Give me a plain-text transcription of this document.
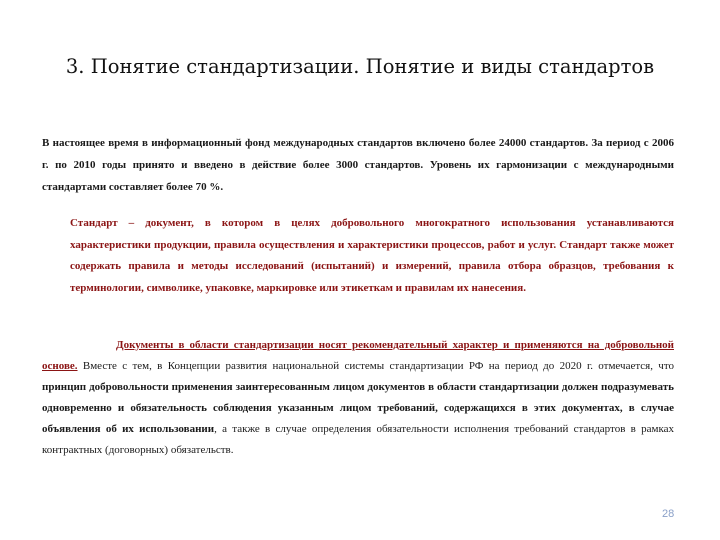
3. Понятие стандартизации. Понятие и виды стандартов

В настоящее время в информационный фонд международных стандартов включено более 24000 стандартов. За период с 2006 г. по 2010 годы принято и введено в действие более 3000 стандартов. Уровень их гармонизации с международными стандартами составляет более 70 %.

Стандарт – документ, в котором в целях добровольного многократного использования устанавливаются характеристики продукции, правила осуществления и характеристики процессов, работ и услуг. Стандарт также может содержать правила и методы исследований (испытаний) и измерений, правила отбора образцов, требования к терминологии, символике, упаковке, маркировке или этикеткам и правилам их нанесения.

Документы в области стандартизации носят рекомендательный характер и применяются на добровольной основе. Вместе с тем, в Концепции развития национальной системы стандартизации РФ на период до 2020 г. отмечается, что принцип добровольности применения заинтересованным лицом документов в области стандартизации должен подразумевать одновременно и обязательность соблюдения указанным лицом требований, содержащихся в этих документах, в случае объявления об их использовании, а также в случае определения обязательности исполнения требований стандартов в рамках контрактных (договорных) обязательств.

28
